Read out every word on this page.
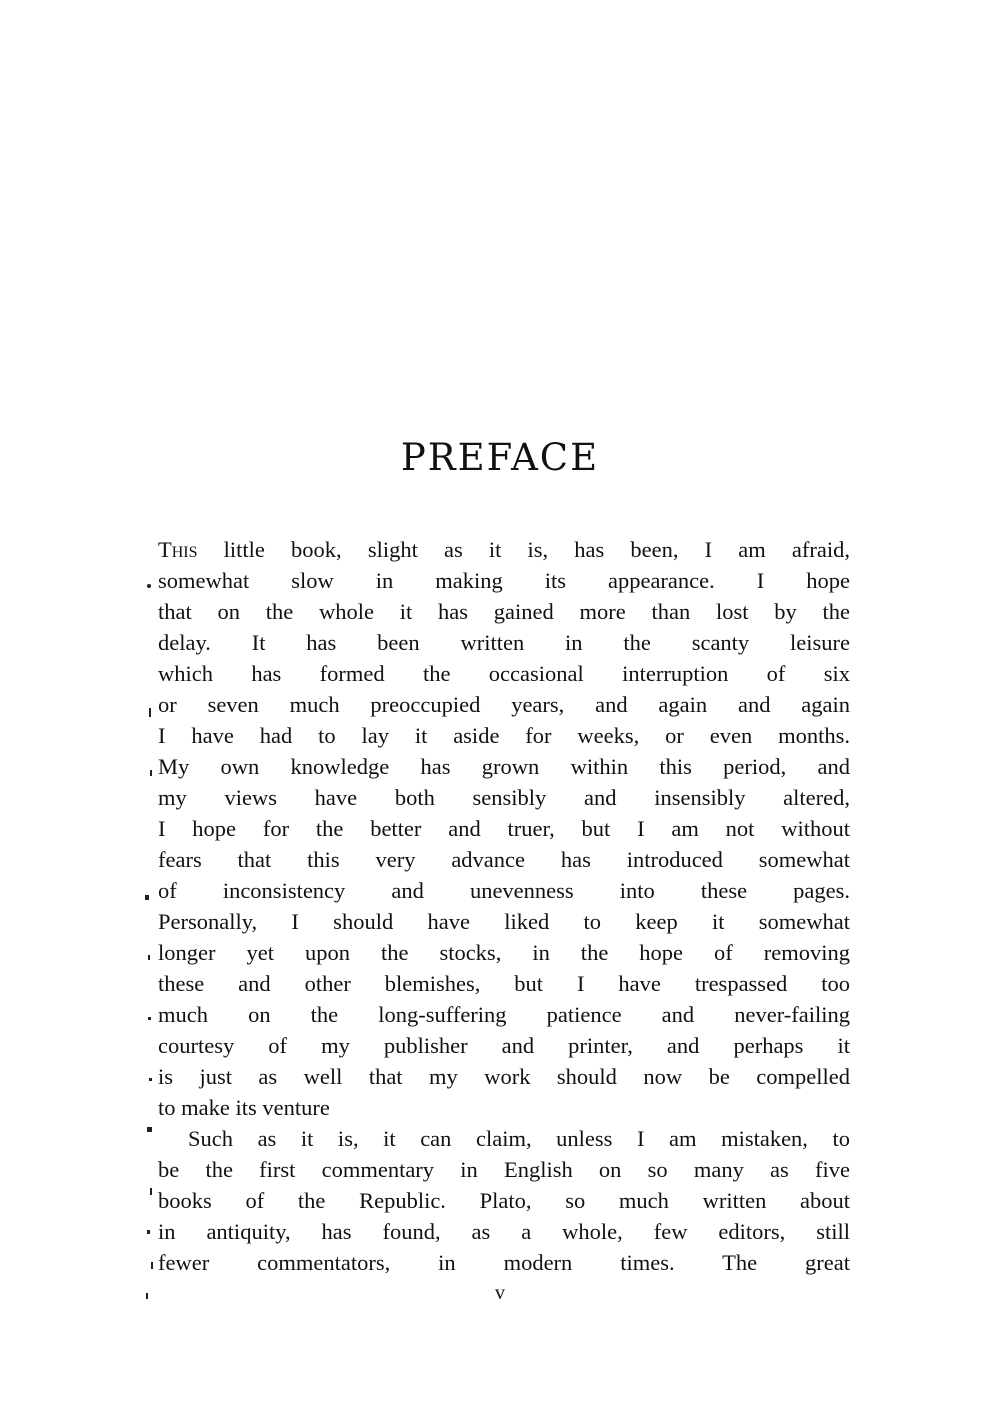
PREFACE
This little book, slight as it is, has been, I am afraid,
somewhat slow in making its appearance. I hope
that on the whole it has gained more than lost by the
delay. It has been written in the scanty leisure
which has formed the occasional interruption of six
or seven much preoccupied years, and again and again
I have had to lay it aside for weeks, or even months.
My own knowledge has grown within this period, and
my views have both sensibly and insensibly altered,
I hope for the better and truer, but I am not without
fears that this very advance has introduced somewhat
of inconsistency and unevenness into these pages.
Personally, I should have liked to keep it somewhat
longer yet upon the stocks, in the hope of removing
these and other blemishes, but I have trespassed too
much on the long-suffering patience and never-failing
courtesy of my publisher and printer, and perhaps it
is just as well that my work should now be compelled
to make its venture
Such as it is, it can claim, unless I am mistaken, to
be the first commentary in English on so many as five
books of the Republic. Plato, so much written about
in antiquity, has found, as a whole, few editors, still
fewer commentators, in modern times. The great
v
